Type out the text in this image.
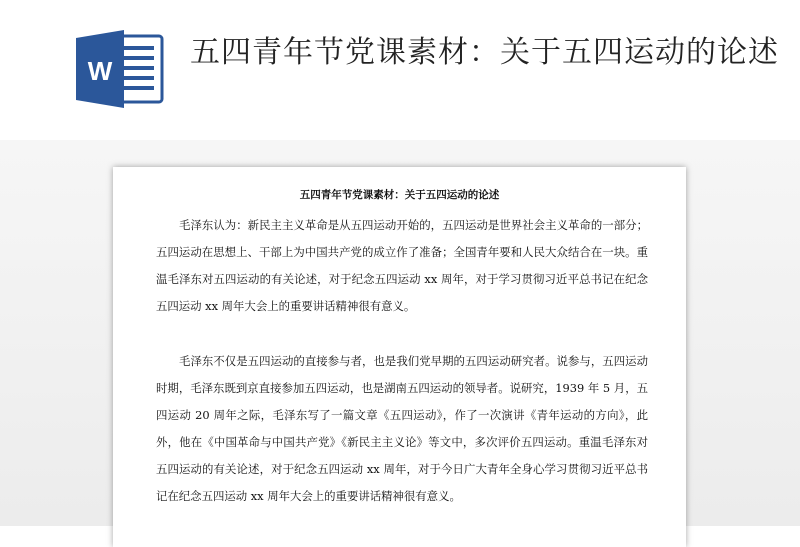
W
五四青年节党课素材：关于五四运动的论述

五四青年节党课素材：关于五四运动的论述

毛泽东认为：新民主主义革命是从五四运动开始的，五四运动是世界社会主义革命的一部分；五四运动在思想上、干部上为中国共产党的成立作了准备；全国青年要和人民大众结合在一块。重温毛泽东对五四运动的有关论述，对于纪念五四运动 xx 周年，对于学习贯彻习近平总书记在纪念五四运动 xx 周年大会上的重要讲话精神很有意义。

毛泽东不仅是五四运动的直接参与者，也是我们党早期的五四运动研究者。说参与，五四运动时期，毛泽东既到京直接参加五四运动，也是湖南五四运动的领导者。说研究，1939 年 5 月，五四运动 20 周年之际，毛泽东写了一篇文章《五四运动》，作了一次演讲《青年运动的方向》，此外，他在《中国革命与中国共产党》《新民主主义论》等文中，多次评价五四运动。重温毛泽东对五四运动的有关论述，对于纪念五四运动 xx 周年，对于今日广大青年全身心学习贯彻习近平总书记在纪念五四运动 xx 周年大会上的重要讲话精神很有意义。
